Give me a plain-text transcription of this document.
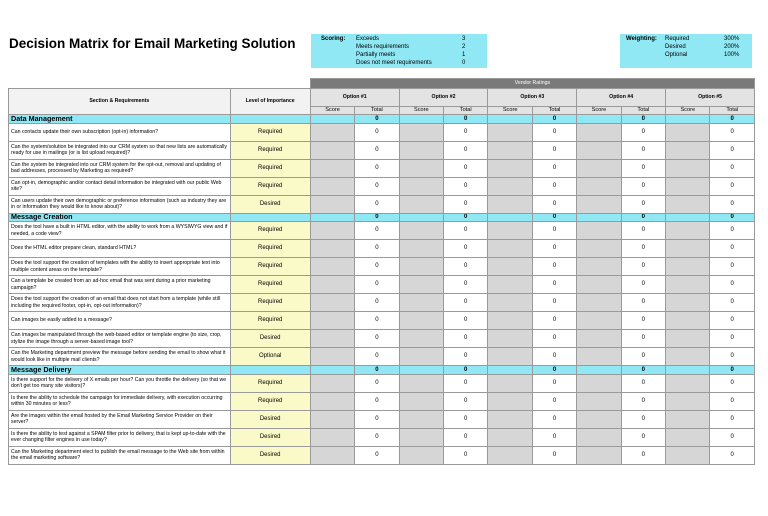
Decision Matrix for Email Marketing Solution	Scoring: Exceeds	3
Meets requirements	2
Partially meets	1
Does not meet requirements	0
Weighting: Required	300%
Desired	200%
Optional	100%
		Vendor Ratings									
Section & Requirements	Level of Importance	Option #1		Option #2		Option #3		Option #4		Option #5	
		Score	Total	Score	Total	Score	Total	Score	Total	Score	Total
Data Management			0		0		0		0		0
Can contacts update their own subscription (opt-in) information?	Required		0		0		0		0		0
Can the system/solution be integrated into our CRM system so that new lists are automatically ready for use in mailings (or is list upload required)?	Required		0		0		0		0		0
Can the system be integrated into our CRM system for the opt-out, removal and updating of bad addresses, processed by Marketing as required?	Required		0		0		0		0		0
Can opt-in, demographic and/or contact detail information be integrated with our public Web site?	Required		0		0		0		0		0
Can users update their own demographic or preference information (such as industry they are in or information they would like to know about)?	Desired		0		0		0		0		0
Message Creation			0		0		0		0		0
Does the tool have a built in HTML editor, with the ability to work from a WYSIWYG view and if needed, a code view?	Required		0		0		0		0		0
Does the HTML editor prepare clean, standard HTML?	Required		0		0		0		0		0
Does the tool support the creation of templates with the ability to insert appropriate text into multiple content areas on the template?	Required		0		0		0		0		0
Can a template be created from an ad-hoc email that was sent during a prior marketing campaign?	Required		0		0		0		0		0
Does the tool support the creation of an email that does not start from a template (while still including the required footer, opt-in, opt-out information)?	Required		0		0		0		0		0
Can images be easily added to a message?	Required		0		0		0		0		0
Can images be manipulated through the web-based editor or template engine (to size, crop, stylize the image through a server-based image tool?	Desired		0		0		0		0		0
Can the Marketing department preview the message before sending the email to show what it would look like in multiple mail clients?	Optional		0		0		0		0		0
Message Delivery			0		0		0		0		0
Is there support for the delivery of X emails per hour? Can you throttle the delivery (so that we don't get too many site visitors)?	Required		0		0		0		0		0
Is there the ability to schedule the campaign for immediate delivery, with execution occurring within 30 minutes or less?	Required		0		0		0		0		0
Are the images within the email hosted by the Email Marketing Service Provider on their server?	Desired		0		0		0		0		0
Is there the ability to test against a SPAM filter prior to delivery, that is kept up-to-date with the ever changing filter engines in use today?	Desired		0		0		0		0		0
Can the Marketing department elect to publish the email message to the Web site from within the email marketing software?	Desired		0		0		0		0		0
